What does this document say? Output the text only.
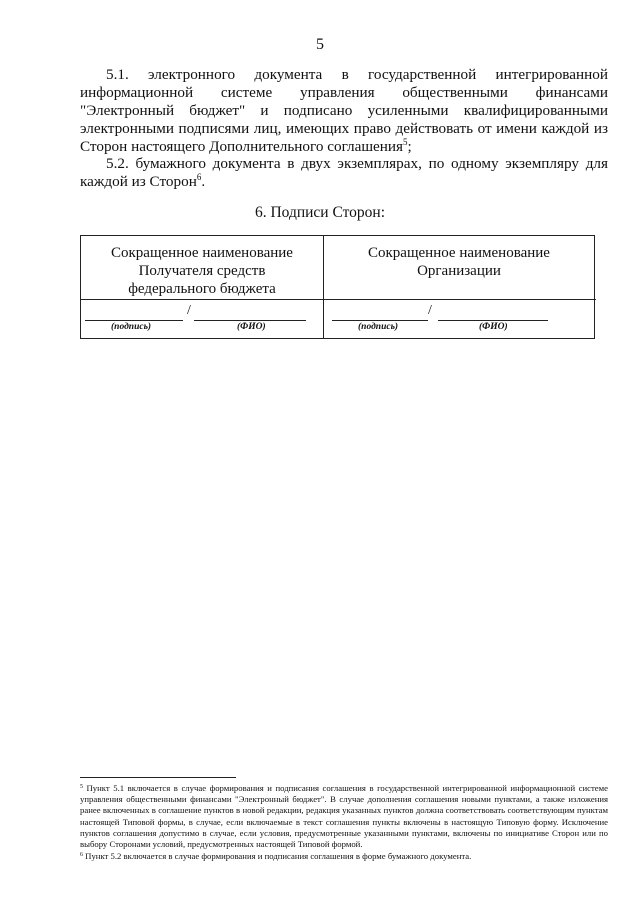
5
5.1. электронного документа в государственной интегрированной информационной системе управления общественными финансами "Электронный бюджет" и подписано усиленными квалифицированными электронными подписями лиц, имеющих право действовать от имени каждой из Сторон настоящего Дополнительного соглашения$^5$;
5.2. бумажного документа в двух экземплярах, по одному экземпляру для каждой из Сторон$^6$.
6. Подписи Сторон:
Сокращенное наименование Получателя средств федерального бюджета
/
(подпись)	(ФИО)
Сокращенное наименование Организации
/
(подпись)	(ФИО)

$^5$ Пункт 5.1 включается в случае формирования и подписания соглашения в государственной интегрированной информационной системе управления общественными финансами "Электронный бюджет". В случае дополнения соглашения новыми пунктами, а также изложения ранее включенных в соглашение пунктов в новой редакции, редакция указанных пунктов должна соответствовать соответствующим пунктам настоящей Типовой формы, в случае, если включаемые в текст соглашения пункты включены в настоящую Типовую форму. Исключение пунктов соглашения допустимо в случае, если условия, предусмотренные указанными пунктами, включены по инициативе Сторон или по выбору Сторонами условий, предусмотренных настоящей Типовой формой.

$^6$ Пункт 5.2 включается в случае формирования и подписания соглашения в форме бумажного документа.
